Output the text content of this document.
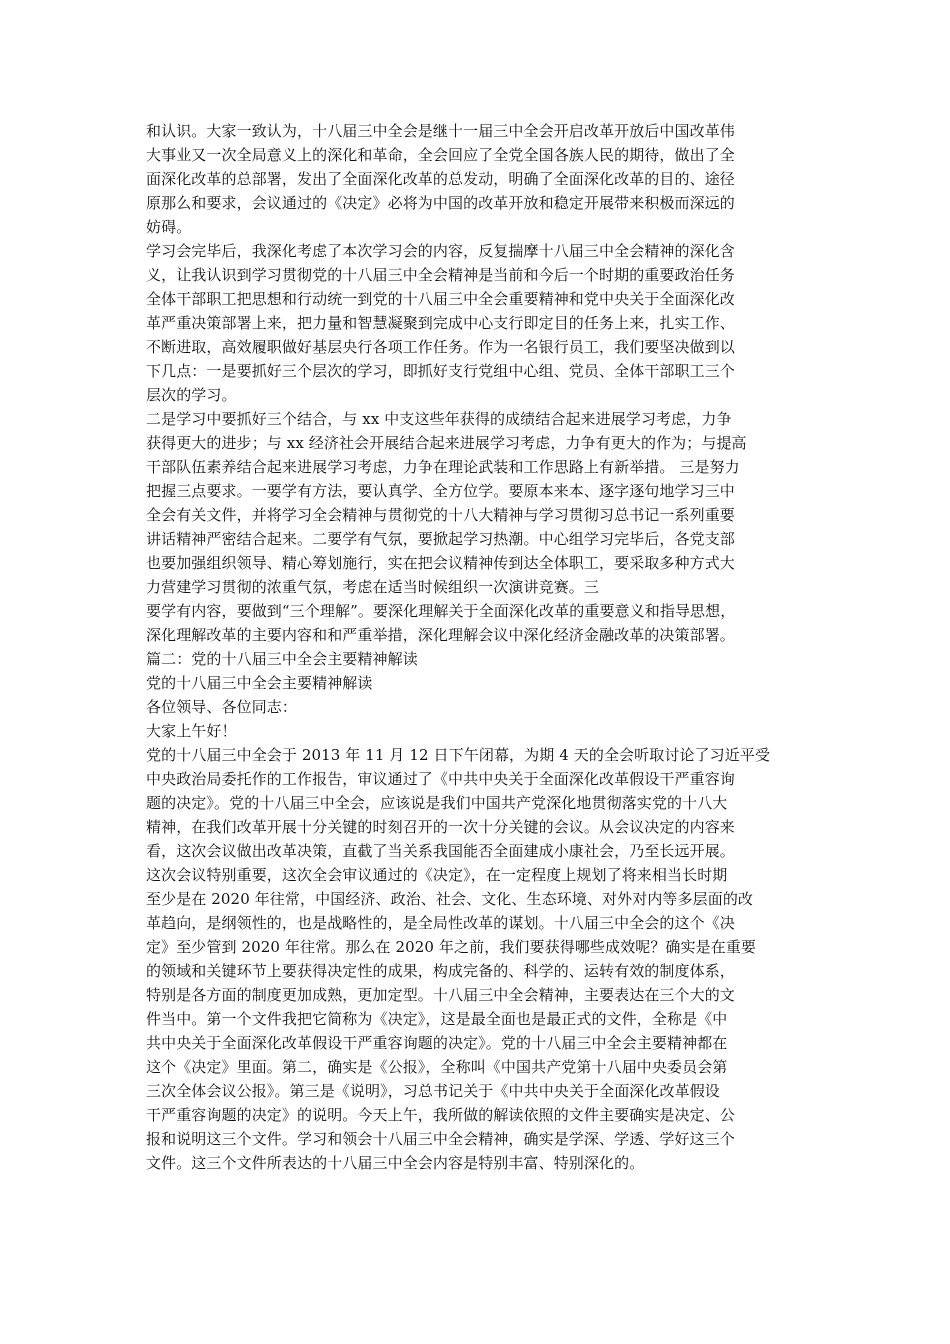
和认识。大家一致认为，十八届三中全会是继十一届三中全会开启改革开放后中国改革伟
大事业又一次全局意义上的深化和革命，全会回应了全党全国各族人民的期待，做出了全
面深化改革的总部署，发出了全面深化改革的总发动，明确了全面深化改革的目的、途径
原那么和要求，会议通过的《决定》必将为中国的改革开放和稳定开展带来积极而深远的
妨碍。
学习会完毕后，我深化考虑了本次学习会的内容，反复揣摩十八届三中全会精神的深化含
义，让我认识到学习贯彻党的十八届三中全会精神是当前和今后一个时期的重要政治任务
全体干部职工把思想和行动统一到党的十八届三中全会重要精神和党中央关于全面深化改
革严重决策部署上来，把力量和智慧凝聚到完成中心支行即定目的任务上来，扎实工作、
不断进取，高效履职做好基层央行各项工作任务。作为一名银行员工，我们要坚决做到以
下几点：一是要抓好三个层次的学习，即抓好支行党组中心组、党员、全体干部职工三个
层次的学习。
二是学习中要抓好三个结合，与 xx 中支这些年获得的成绩结合起来进展学习考虑，力争
获得更大的进步；与 xx 经济社会开展结合起来进展学习考虑，力争有更大的作为；与提高
干部队伍素养结合起来进展学习考虑，力争在理论武装和工作思路上有新举措。 三是努力
把握三点要求。一要学有方法，要认真学、全方位学。要原本来本、逐字逐句地学习三中
全会有关文件，并将学习全会精神与贯彻党的十八大精神与学习贯彻习总书记一系列重要
讲话精神严密结合起来。二要学有气氛，要掀起学习热潮。中心组学习完毕后，各党支部
也要加强组织领导、精心筹划施行，实在把会议精神传到达全体职工，要采取多种方式大
力营建学习贯彻的浓重气氛，考虑在适当时候组织一次演讲竞赛。三
要学有内容，要做到“三个理解”。要深化理解关于全面深化改革的重要意义和指导思想，
深化理解改革的主要内容和和严重举措，深化理解会议中深化经济金融改革的决策部署。
篇二：党的十八届三中全会主要精神解读
党的十八届三中全会主要精神解读
各位领导、各位同志：
大家上午好！
党的十八届三中全会于 2013 年 11 月 12 日下午闭幕，为期 4 天的全会听取讨论了习近平受
中央政治局委托作的工作报告，审议通过了《中共中央关于全面深化改革假设干严重容询
题的决定》。党的十八届三中全会，应该说是我们中国共产党深化地贯彻落实党的十八大
精神，在我们改革开展十分关键的时刻召开的一次十分关键的会议。从会议决定的内容来
看，这次会议做出改革决策，直截了当关系我国能否全面建成小康社会，乃至长远开展。
这次会议特别重要，这次全会审议通过的《决定》，在一定程度上规划了将来相当长时期
至少是在 2020 年往常，中国经济、政治、社会、文化、生态环境、对外对内等多层面的改
革趋向，是纲领性的，也是战略性的，是全局性改革的谋划。十八届三中全会的这个《决
定》至少管到 2020 年往常。那么在 2020 年之前，我们要获得哪些成效呢？确实是在重要
的领域和关键环节上要获得决定性的成果，构成完备的、科学的、运转有效的制度体系，
特别是各方面的制度更加成熟，更加定型。十八届三中全会精神，主要表达在三个大的文
件当中。第一个文件我把它简称为《决定》，这是最全面也是最正式的文件，全称是《中
共中央关于全面深化改革假设干严重容询题的决定》。党的十八届三中全会主要精神都在
这个《决定》里面。第二，确实是《公报》，全称叫《中国共产党第十八届中央委员会第
三次全体会议公报》。第三是《说明》，习总书记关于《中共中央关于全面深化改革假设
干严重容询题的决定》的说明。今天上午，我所做的解读依照的文件主要确实是决定、公
报和说明这三个文件。学习和领会十八届三中全会精神，确实是学深、学透、学好这三个
文件。这三个文件所表达的十八届三中全会内容是特别丰富、特别深化的。
